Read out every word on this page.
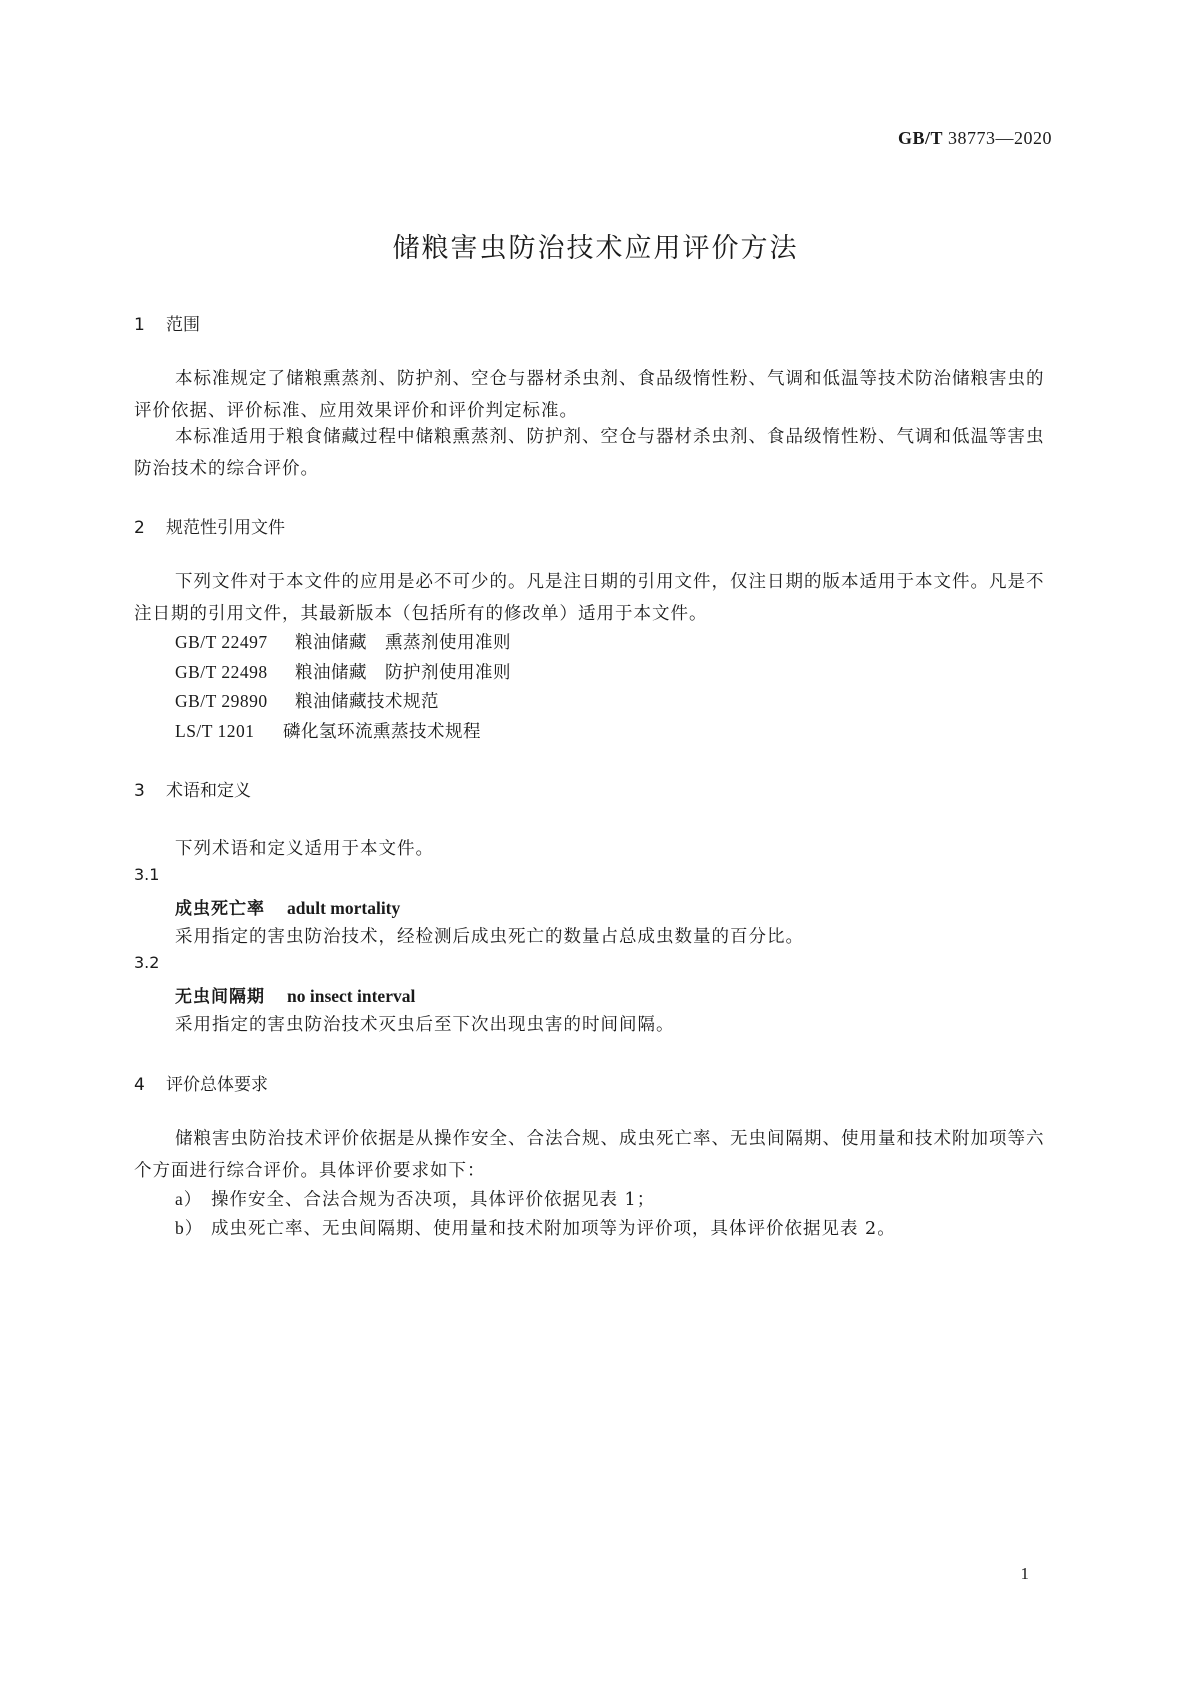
GB/T 38773—2020
储粮害虫防治技术应用评价方法
1 范围
本标准规定了储粮熏蒸剂、防护剂、空仓与器材杀虫剂、食品级惰性粉、气调和低温等技术防治储粮害虫的评价依据、评价标准、应用效果评价和评价判定标准。
本标准适用于粮食储藏过程中储粮熏蒸剂、防护剂、空仓与器材杀虫剂、食品级惰性粉、气调和低温等害虫防治技术的综合评价。
2 规范性引用文件
下列文件对于本文件的应用是必不可少的。凡是注日期的引用文件，仅注日期的版本适用于本文件。凡是不注日期的引用文件，其最新版本（包括所有的修改单）适用于本文件。
GB/T 22497 粮油储藏　熏蒸剂使用准则
GB/T 22498 粮油储藏　防护剂使用准则
GB/T 29890 粮油储藏技术规范
LS/T 1201 磷化氢环流熏蒸技术规程
3 术语和定义
下列术语和定义适用于本文件。
3.1
成虫死亡率 adult mortality
采用指定的害虫防治技术，经检测后成虫死亡的数量占总成虫数量的百分比。
3.2
无虫间隔期 no insect interval
采用指定的害虫防治技术灭虫后至下次出现虫害的时间间隔。
4 评价总体要求
储粮害虫防治技术评价依据是从操作安全、合法合规、成虫死亡率、无虫间隔期、使用量和技术附加项等六个方面进行综合评价。具体评价要求如下：
a） 操作安全、合法合规为否决项，具体评价依据见表 1；
b） 成虫死亡率、无虫间隔期、使用量和技术附加项等为评价项，具体评价依据见表 2。
1
